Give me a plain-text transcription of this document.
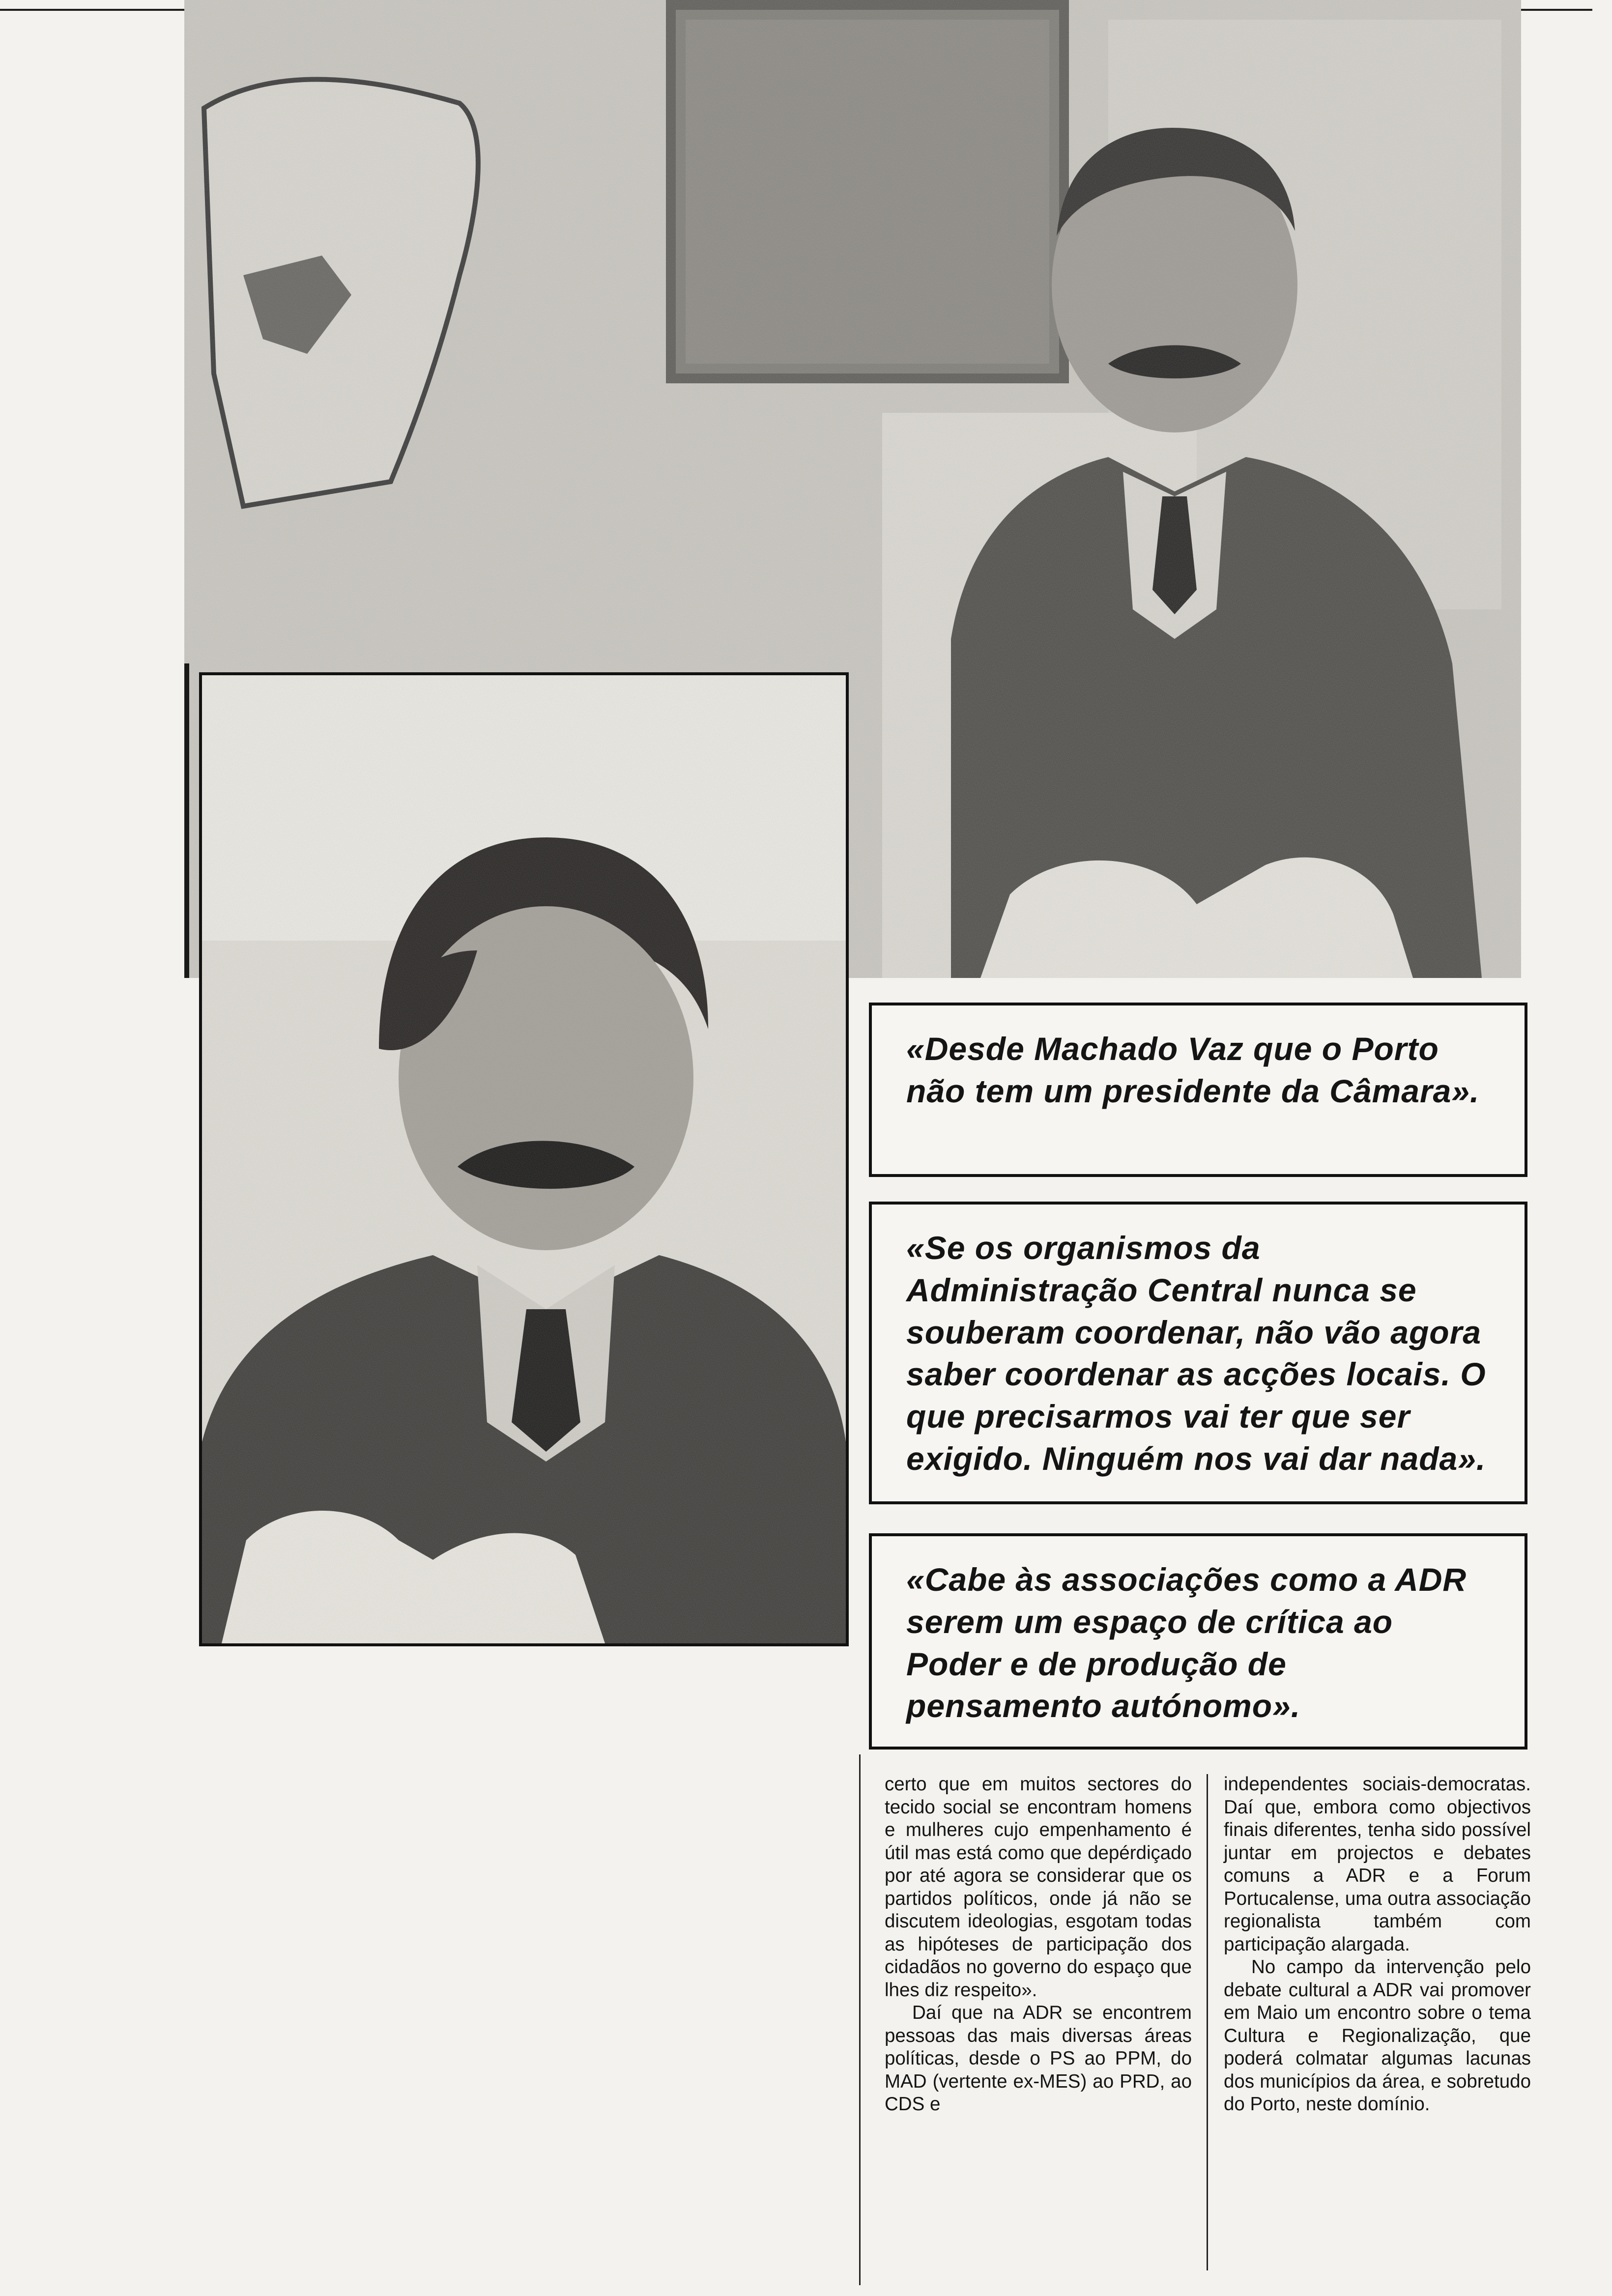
«Desde Machado Vaz que o Porto não tem um presidente da Câmara».

«Se os organismos da Administração Central nunca se souberam coordenar, não vão agora saber coordenar as acções locais. O que precisarmos vai ter que ser exigido. Ninguém nos vai dar nada».

«Cabe às associações como a ADR serem um espaço de crítica ao Poder e de produção de pensamento autónomo».

certo que em muitos sectores do tecido social se encontram homens e mulheres cujo empenhamento é útil mas está como que depérdiçado por até agora se considerar que os partidos políticos, onde já não se discutem ideologias, esgotam todas as hipóteses de participação dos cidadãos no governo do espaço que lhes diz respeito».

Daí que na ADR se encontrem pessoas das mais diversas áreas políticas, desde o PS ao PPM, do MAD (vertente ex-MES) ao PRD, ao CDS e

independentes sociais-democratas. Daí que, embora como objectivos finais diferentes, tenha sido possível juntar em projectos e debates comuns a ADR e a Forum Portucalense, uma outra associação regionalista também com participação alargada.

No campo da intervenção pelo debate cultural a ADR vai promover em Maio um encontro sobre o tema Cultura e Regionalização, que poderá colmatar algumas lacunas dos municípios da área, e sobretudo do Porto, neste domínio.
